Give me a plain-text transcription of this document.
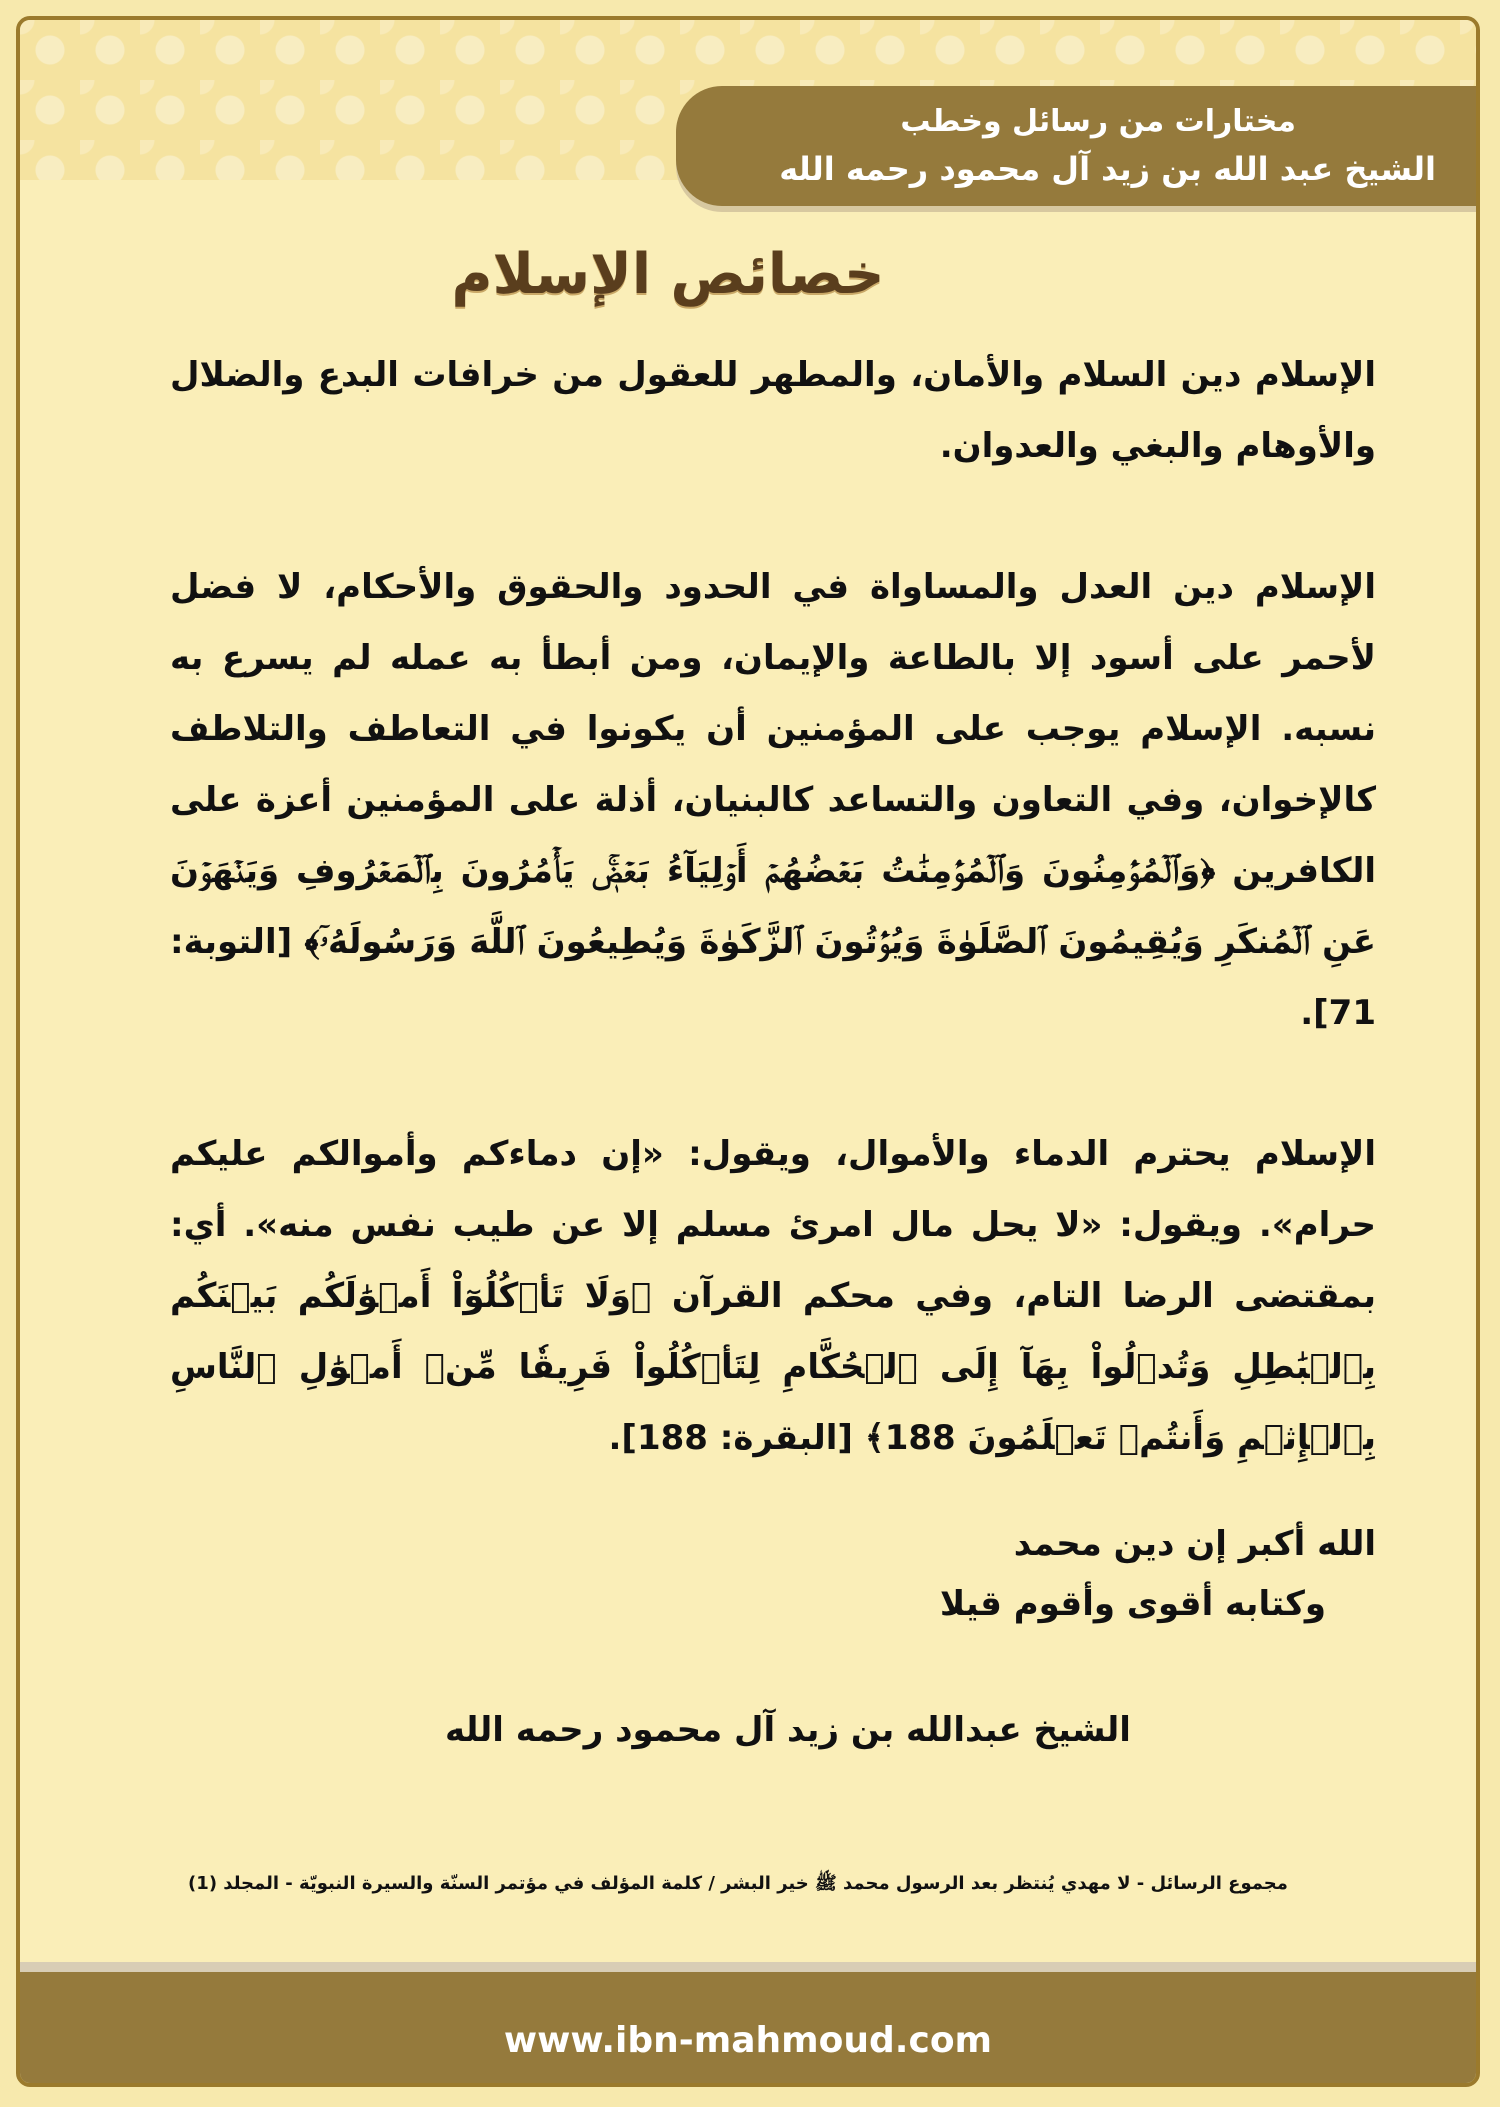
مختارات من رسائل وخطب
الشيخ عبد الله بن زيد آل محمود رحمه الله
خصائص الإسلام

الإسلام دين السلام والأمان، والمطهر للعقول من خرافات البدع والضلال والأوهام والبغي والعدوان.

الإسلام دين العدل والمساواة في الحدود والحقوق والأحكام، لا فضل لأحمر على أسود إلا بالطاعة والإيمان، ومن أبطأ به عمله لم يسرع به نسبه. الإسلام يوجب على المؤمنين أن يكونوا في التعاطف والتلاطف كالإخوان، وفي التعاون والتساعد كالبنيان، أذلة على المؤمنين أعزة على الكافرين ﴿وَٱلۡمُؤۡمِنُونَ وَٱلۡمُؤۡمِنَٰتُ بَعۡضُهُمۡ أَوۡلِيَآءُ بَعۡضٖۚ يَأۡمُرُونَ بِٱلۡمَعۡرُوفِ وَيَنۡهَوۡنَ عَنِ ٱلۡمُنكَرِ وَيُقِيمُونَ ٱلصَّلَوٰةَ وَيُؤۡتُونَ ٱلزَّكَوٰةَ وَيُطِيعُونَ ٱللَّهَ وَرَسُولَهُۥٓ﴾ [التوبة: 71].

الإسلام يحترم الدماء والأموال، ويقول: «إن دماءكم وأموالكم عليكم حرام». ويقول: «لا يحل مال امرئ مسلم إلا عن طيب نفس منه». أي: بمقتضى الرضا التام، وفي محكم القرآن ﴿وَلَا تَأۡكُلُوٓاْ أَمۡوَٰلَكُم بَيۡنَكُم بِٱلۡبَٰطِلِ وَتُدۡلُواْ بِهَآ إِلَى ٱلۡحُكَّامِ لِتَأۡكُلُواْ فَرِيقٗا مِّنۡ أَمۡوَٰلِ ٱلنَّاسِ بِٱلۡإِثۡمِ وَأَنتُمۡ تَعۡلَمُونَ 188﴾ [البقرة: 188].

الله أكبر إن دين محمد
وكتابه أقوى وأقوم قيلا
الشيخ عبدالله بن زيد آل محمود رحمه الله
مجموع الرسائل - لا مهدي يُنتظر بعد الرسول محمد ﷺ خير البشر / كلمة المؤلف في مؤتمر السنّة والسيرة النبويّة - المجلد (1)
www.ibn-mahmoud.com
